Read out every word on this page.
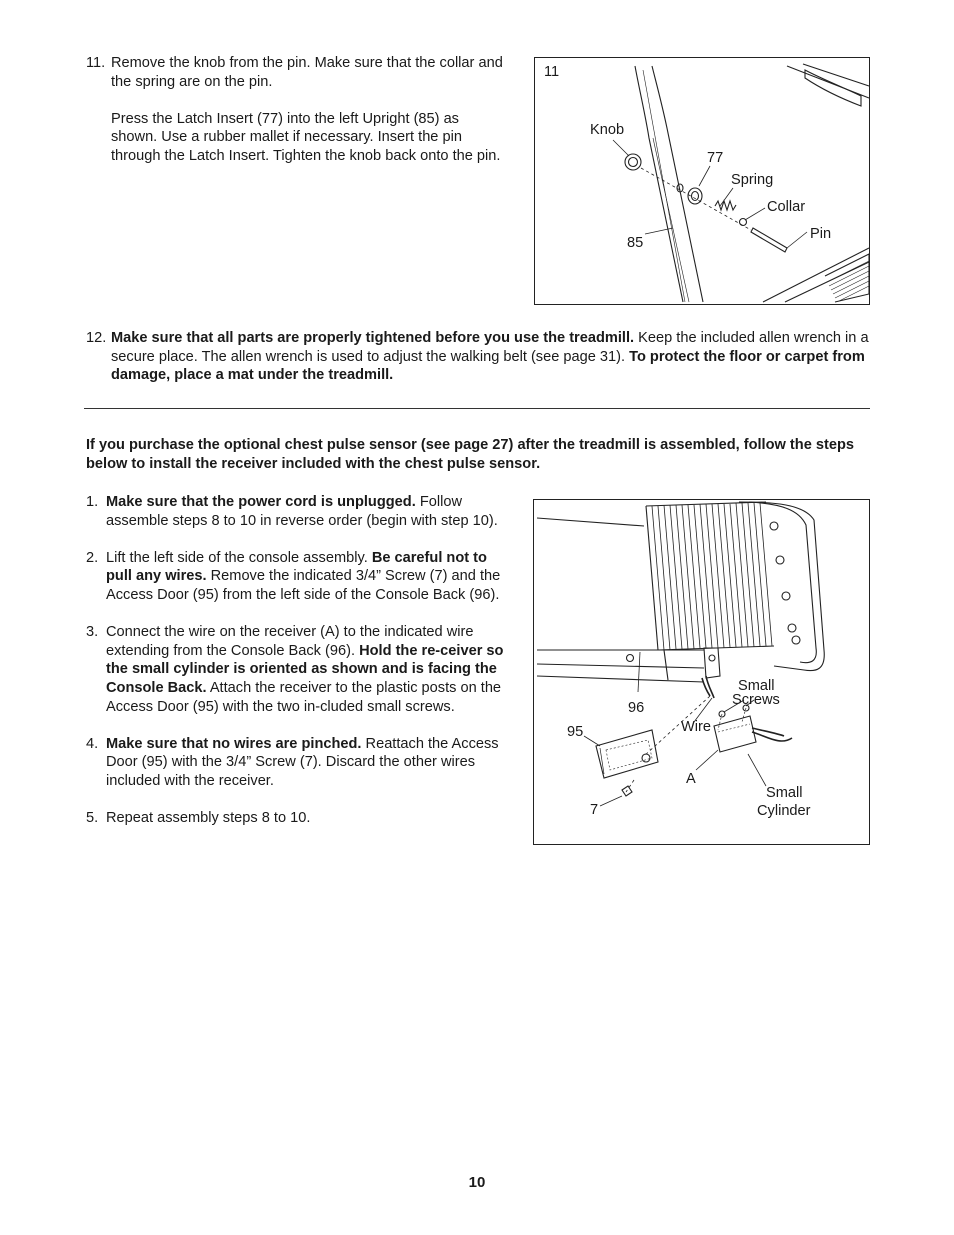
11. Remove the knob from the pin. Make sure that the collar and the spring are on the pin.

Press the Latch Insert (77) into the left Upright (85) as shown. Use a rubber mallet if necessary. Insert the pin through the Latch Insert. Tighten the knob back onto the pin.

11
Knob
77
Spring
Collar
Pin
85
12. Make sure that all parts are properly tightened before you use the treadmill. Keep the included allen wrench in a secure place. The allen wrench is used to adjust the walking belt (see page 31). To protect the floor or carpet from damage, place a mat under the treadmill.

If you purchase the optional chest pulse sensor (see page 27) after the treadmill is assembled, follow the steps below to install the receiver included with the chest pulse sensor.

1. Make sure that the power cord is unplugged. Follow assemble steps 8 to 10 in reverse order (begin with step 10).
2. Lift the left side of the console assembly. Be careful not to pull any wires. Remove the indicated 3/4” Screw (7) and the Access Door (95) from the left side of the Console Back (96).
3. Connect the wire on the receiver (A) to the indicated wire extending from the Console Back (96). Hold the re-ceiver so the small cylinder is oriented as shown and is facing the Console Back. Attach the receiver to the plastic posts on the Access Door (95) with the two in-cluded small screws.
4. Make sure that no wires are pinched. Reattach the Access Door (95) with the 3/4” Screw (7). Discard the other wires included with the receiver.
5. Repeat assembly steps 8 to 10.
96
95	Wire
Small
Screws
A
Small
Cylinder
7
10
